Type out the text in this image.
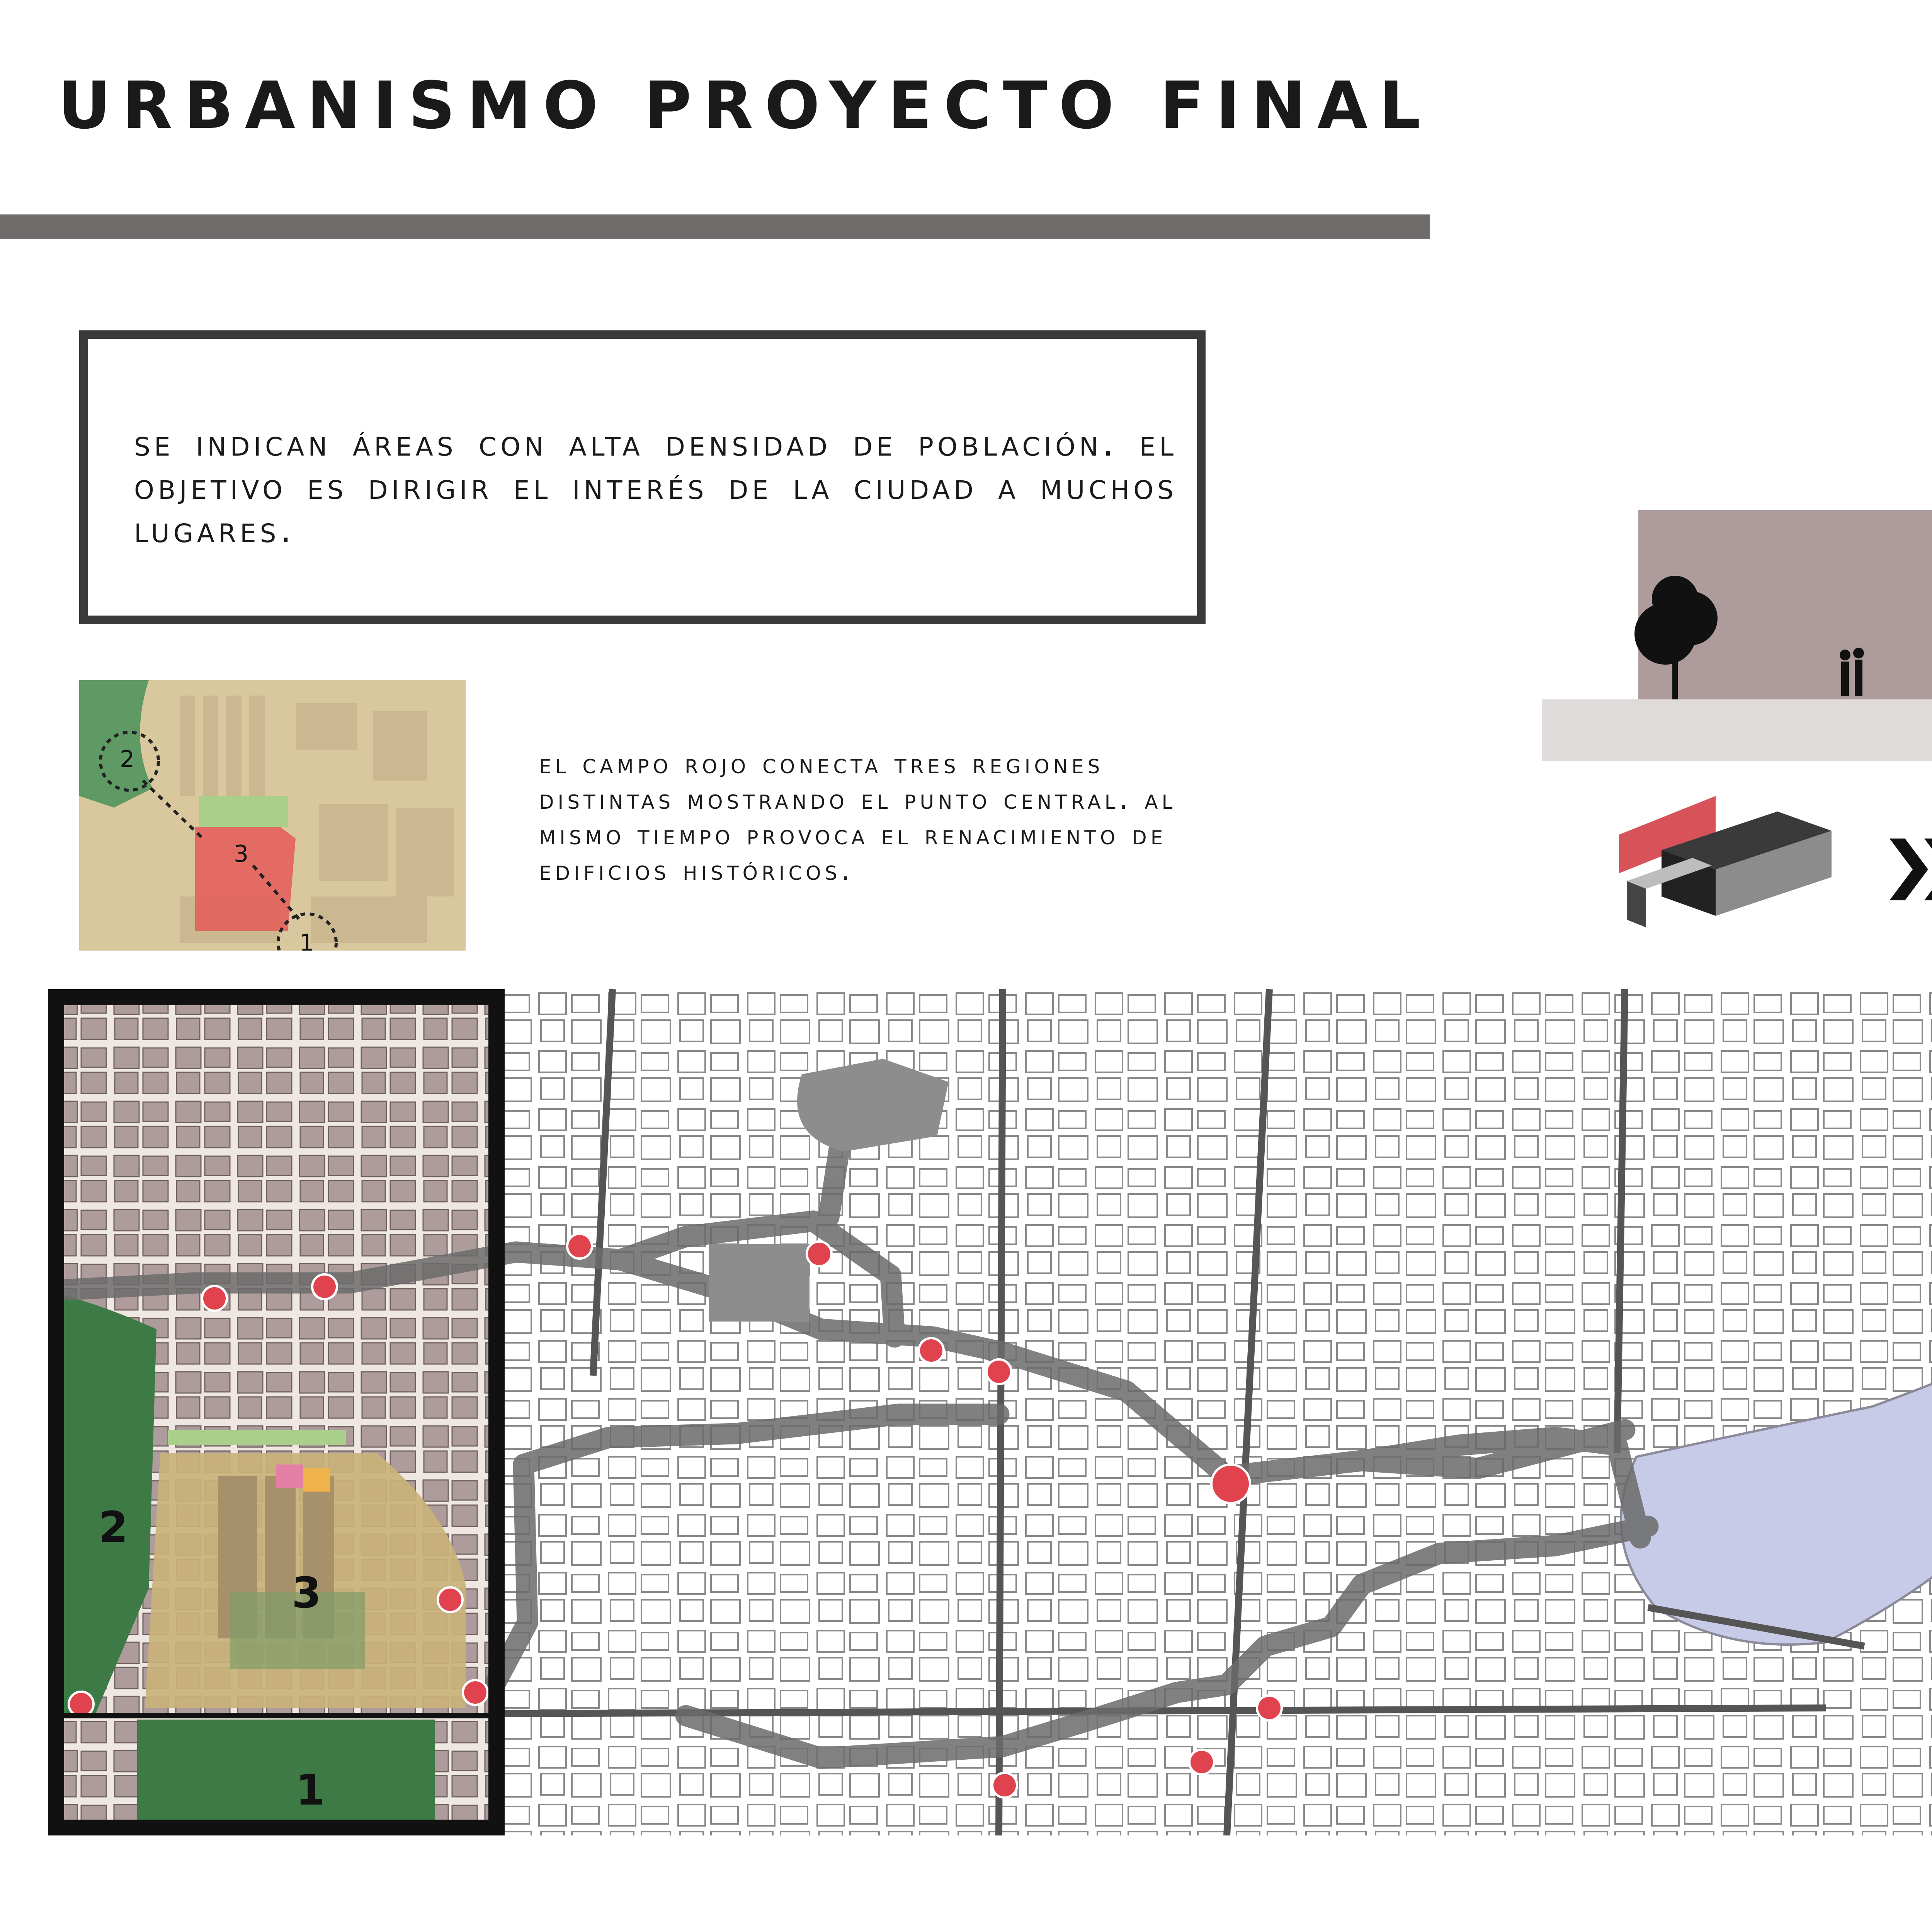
URBANISMO PROYECTO FINAL
se indican áreas con alta densidad de población. el objetivo es dirigir el interés de la ciudad a muchos lugares.
2
3
1
el campo rojo conecta tres regiones distintas mostrando el punto central. al mismo tiempo provoca el renacimiento de edificios históricos.
2
3
1
